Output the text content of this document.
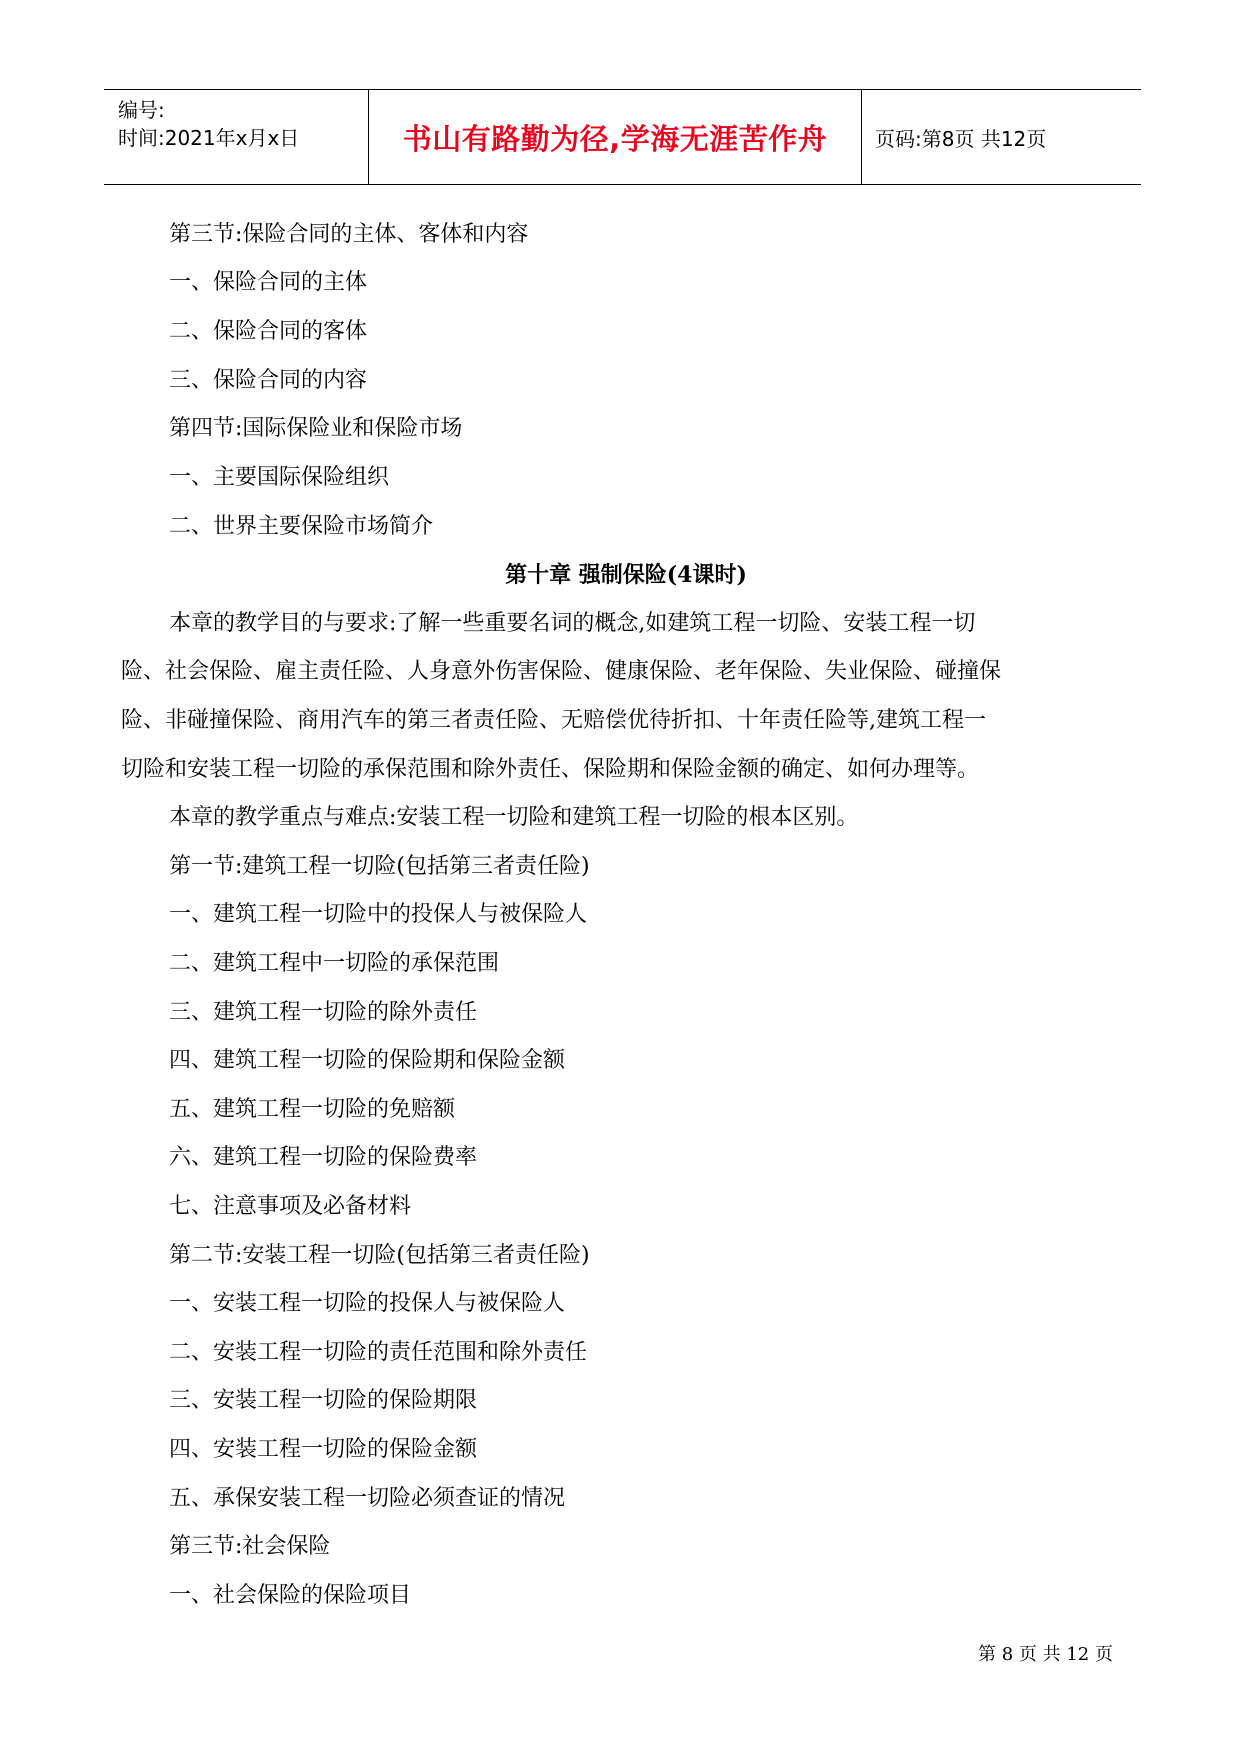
编号:
时间:2021年x月x日	书山有路勤为径,学海无涯苦作舟	页码:第8页 共12页
第三节:保险合同的主体、客体和内容
一、保险合同的主体
二、保险合同的客体
三、保险合同的内容
第四节:国际保险业和保险市场
一、主要国际保险组织
二、世界主要保险市场简介
第十章 强制保险(4课时)
本章的教学目的与要求:了解一些重要名词的概念,如建筑工程一切险、安装工程一切
险、社会保险、雇主责任险、人身意外伤害保险、健康保险、老年保险、失业保险、碰撞保
险、非碰撞保险、商用汽车的第三者责任险、无赔偿优待折扣、十年责任险等,建筑工程一
切险和安装工程一切险的承保范围和除外责任、保险期和保险金额的确定、如何办理等。
本章的教学重点与难点:安装工程一切险和建筑工程一切险的根本区别。
第一节:建筑工程一切险(包括第三者责任险)
一、建筑工程一切险中的投保人与被保险人
二、建筑工程中一切险的承保范围
三、建筑工程一切险的除外责任
四、建筑工程一切险的保险期和保险金额
五、建筑工程一切险的免赔额
六、建筑工程一切险的保险费率
七、注意事项及必备材料
第二节:安装工程一切险(包括第三者责任险)
一、安装工程一切险的投保人与被保险人
二、安装工程一切险的责任范围和除外责任
三、安装工程一切险的保险期限
四、安装工程一切险的保险金额
五、承保安装工程一切险必须查证的情况
第三节:社会保险
一、社会保险的保险项目
第 8 页 共 12 页
